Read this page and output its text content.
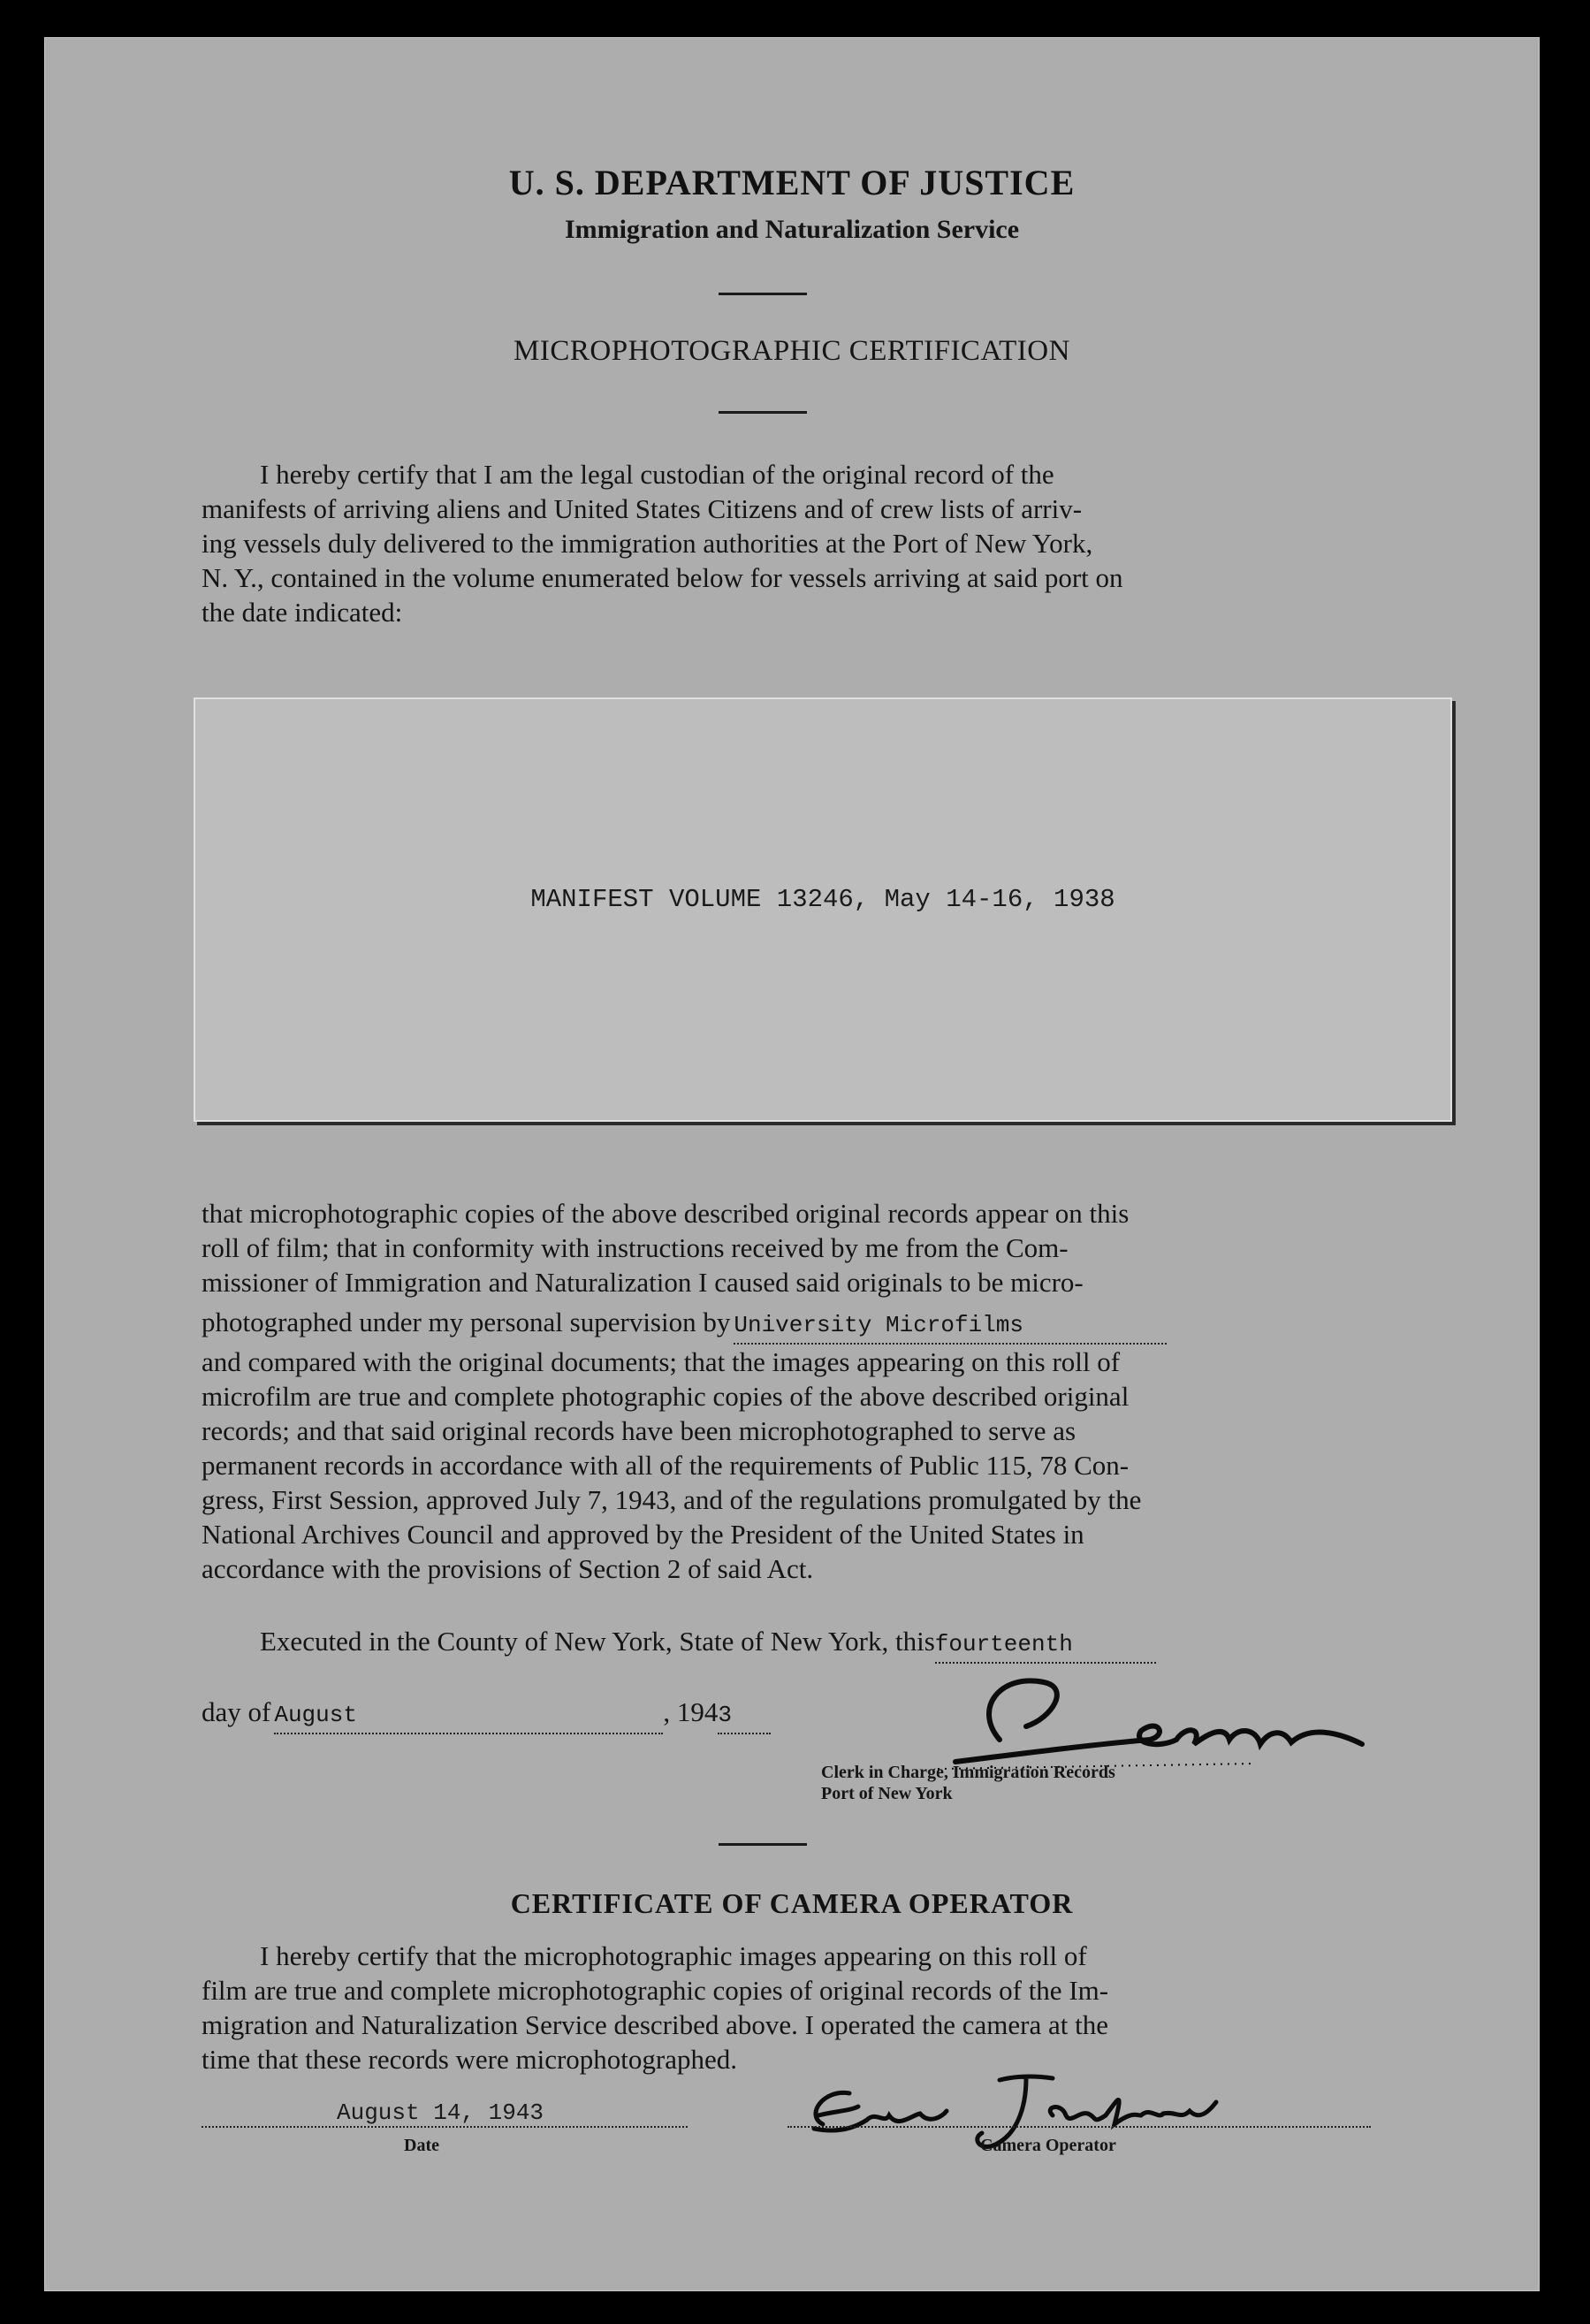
U. S. DEPARTMENT OF JUSTICE
Immigration and Naturalization Service
MICROPHOTOGRAPHIC CERTIFICATION

I hereby certify that I am the legal custodian of the original record of the

manifests of arriving aliens and United States Citizens and of crew lists of arriv-

ing vessels duly delivered to the immigration authorities at the Port of New York,

N. Y., contained in the volume enumerated below for vessels arriving at said port on

the date indicated:

MANIFEST VOLUME 13246, May 14-16, 1938

that microphotographic copies of the above described original records appear on this

roll of film; that in conformity with instructions received by me from the Com-

missioner of Immigration and Naturalization I caused said originals to be micro-

photographed under my personal supervision by University Microfilms

and compared with the original documents; that the images appearing on this roll of

microfilm are true and complete photographic copies of the above described original

records; and that said original records have been microphotographed to serve as

permanent records in accordance with all of the requirements of Public 115, 78 Con-

gress, First Session, approved July 7, 1943, and of the regulations promulgated by the

National Archives Council and approved by the President of the United States in

accordance with the provisions of Section 2 of said Act.

Executed in the County of New York, State of New York, thisfourteenth
day of August	, 1943
Clerk in Charge, Immigration Records
Port of New York
CERTIFICATE OF CAMERA OPERATOR

I hereby certify that the microphotographic images appearing on this roll of

film are true and complete microphotographic copies of original records of the Im-

migration and Naturalization Service described above. I operated the camera at the

time that these records were microphotographed.

August 14, 1943
Date	Camera Operator
